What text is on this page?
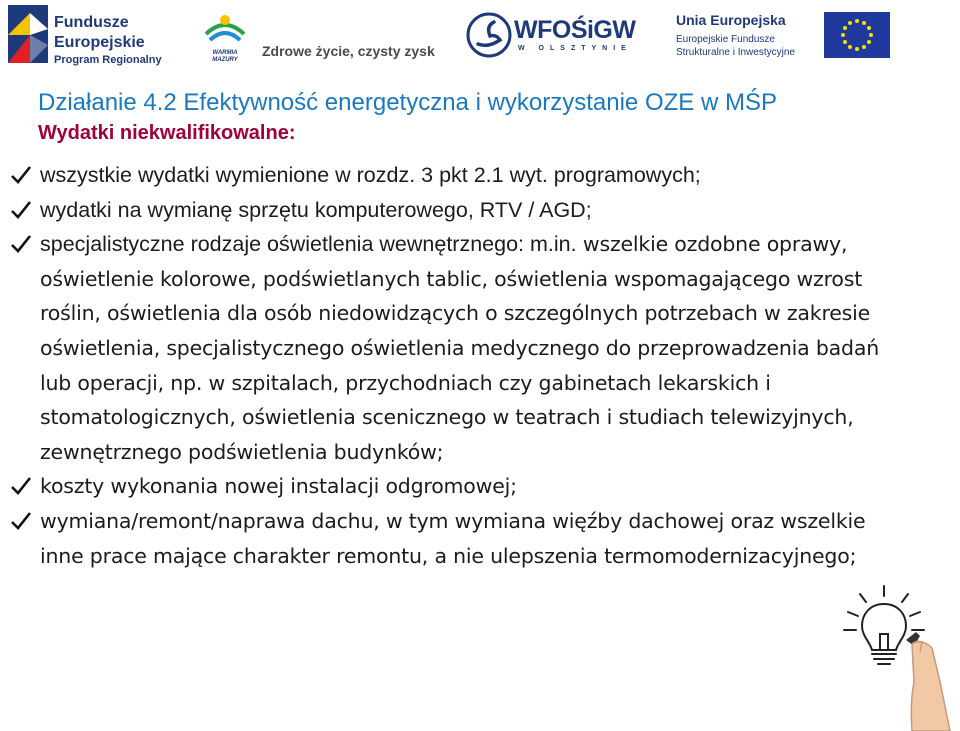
Fundusze
Europejskie
Program Regionalny
WARMIA MAZURY
Zdrowe życie, czysty zysk
WFOŚiGW
W OLSZTYNIE
Unia Europejska
Europejskie Fundusze
Strukturalne i Inwestycyjne
Działanie 4.2 Efektywność energetyczna i wykorzystanie OZE w MŚP
Wydatki niekwalifikowalne:
wszystkie wydatki wymienione w rozdz. 3 pkt 2.1 wyt. programowych;
wydatki na wymianę sprzętu komputerowego, RTV / AGD;
specjalistyczne rodzaje oświetlenia wewnętrznego: m.in. wszelkie ozdobne oprawy, oświetlenie kolorowe, podświetlanych tablic, oświetlenia wspomagającego wzrost roślin, oświetlenia dla osób niedowidzących o szczególnych potrzebach w zakresie oświetlenia, specjalistycznego oświetlenia medycznego do przeprowadzenia badań lub operacji, np. w szpitalach, przychodniach czy gabinetach lekarskich i stomatologicznych, oświetlenia scenicznego w teatrach i studiach telewizyjnych, zewnętrznego podświetlenia budynków;
koszty wykonania nowej instalacji odgromowej;
wymiana/remont/naprawa dachu, w tym wymiana więźby dachowej oraz wszelkie inne prace mające charakter remontu, a nie ulepszenia termomodernizacyjnego;
